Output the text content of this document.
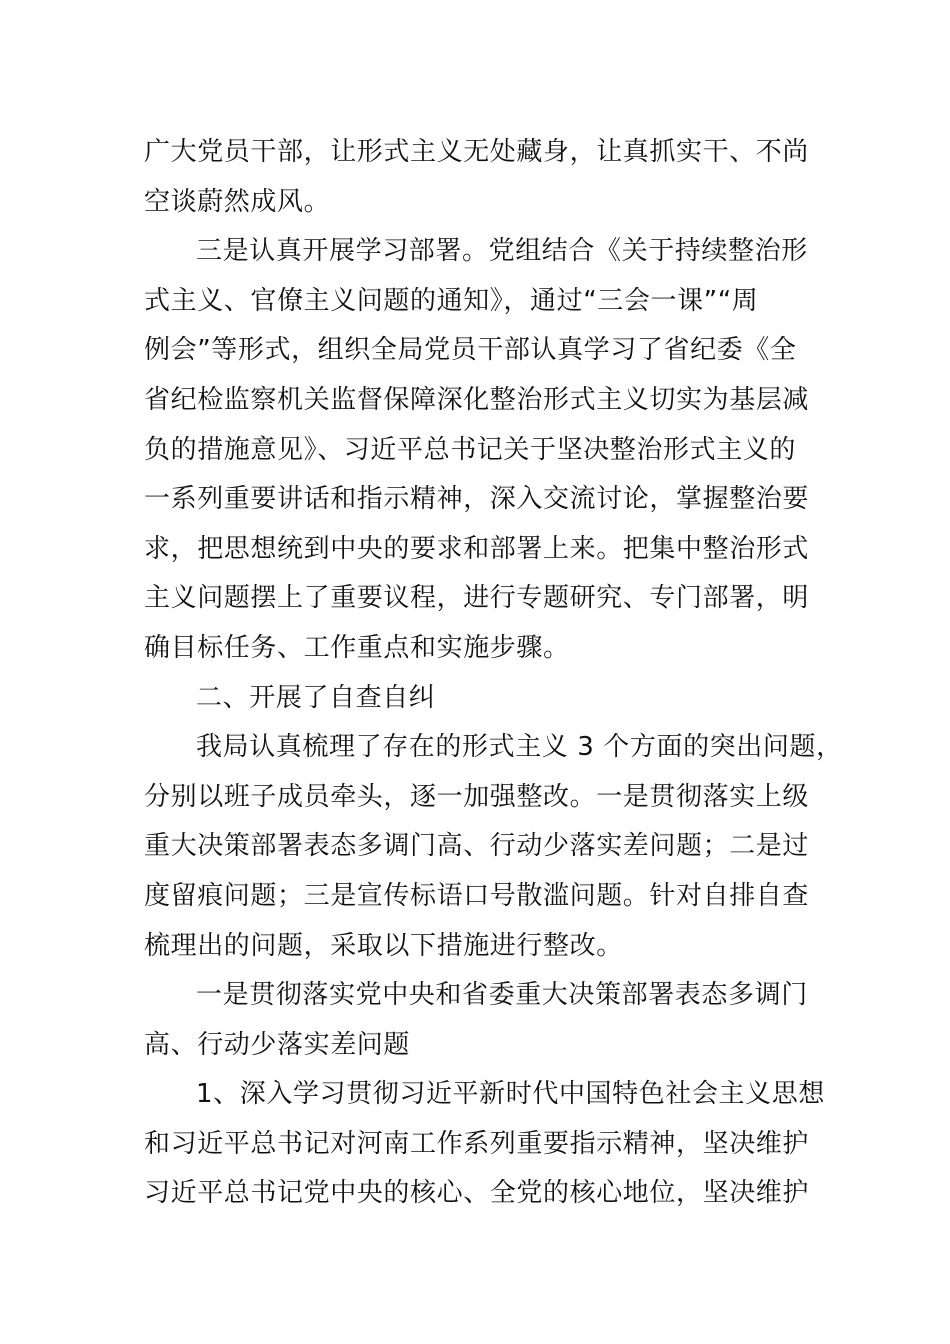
广大党员干部，让形式主义无处藏身，让真抓实干、不尚
空谈蔚然成风。

三是认真开展学习部署。党组结合《关于持续整治形
式主义、官僚主义问题的通知》，通过“三会一课”“周
例会”等形式，组织全局党员干部认真学习了省纪委《全
省纪检监察机关监督保障深化整治形式主义切实为基层减
负的措施意见》、习近平总书记关于坚决整治形式主义的
一系列重要讲话和指示精神，深入交流讨论，掌握整治要
求，把思想统到中央的要求和部署上来。把集中整治形式
主义问题摆上了重要议程，进行专题研究、专门部署，明
确目标任务、工作重点和实施步骤。

二、开展了自查自纠

我局认真梳理了存在的形式主义 3 个方面的突出问题，
分别以班子成员牵头，逐一加强整改。一是贯彻落实上级
重大决策部署表态多调门高、行动少落实差问题；二是过
度留痕问题；三是宣传标语口号散滥问题。针对自排自查
梳理出的问题，采取以下措施进行整改。

一是贯彻落实党中央和省委重大决策部署表态多调门
高、行动少落实差问题

1、深入学习贯彻习近平新时代中国特色社会主义思想
和习近平总书记对河南工作系列重要指示精神，坚决维护
习近平总书记党中央的核心、全党的核心地位，坚决维护
